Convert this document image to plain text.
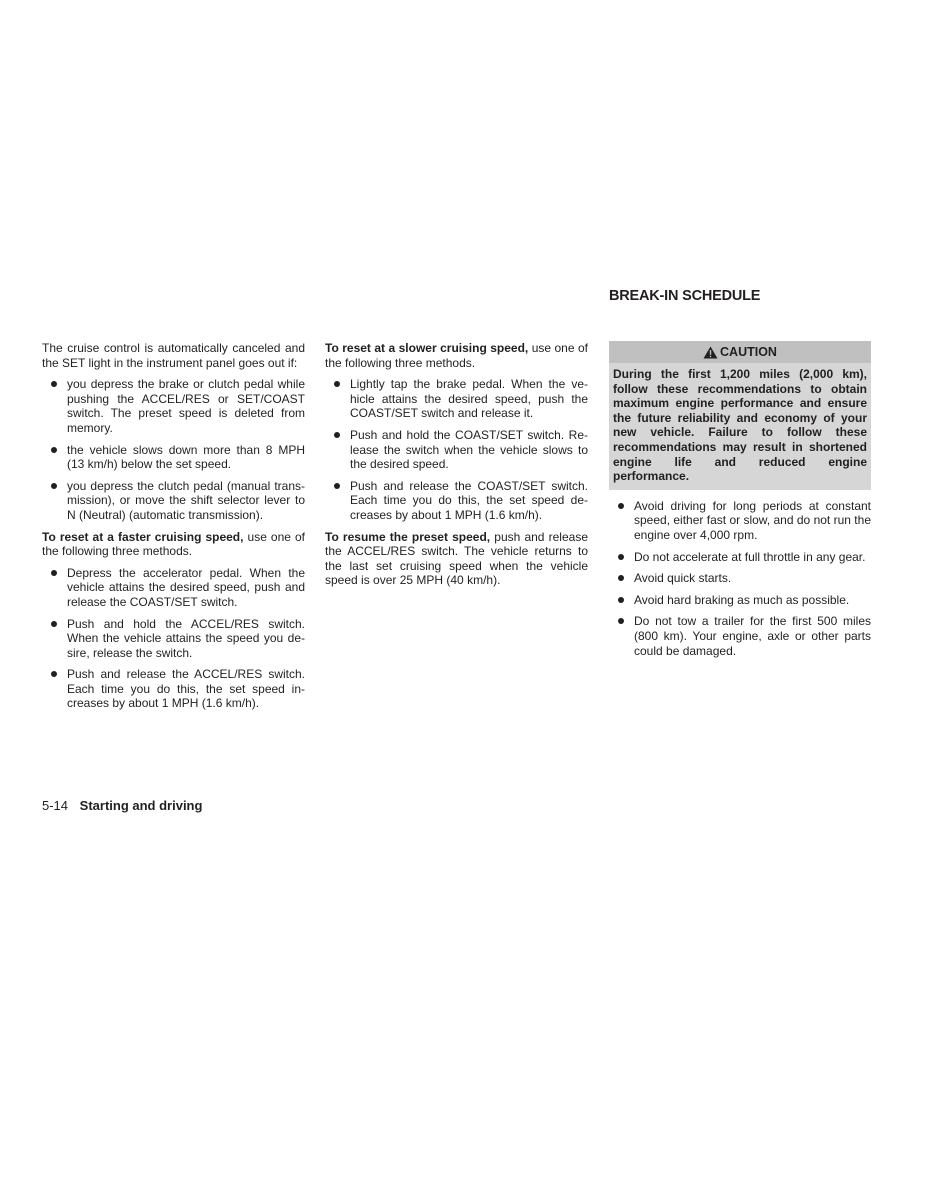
The cruise control is automatically canceled and the SET light in the instrument panel goes out if:

you depress the brake or clutch pedal while pushing the ACCEL/RES or SET/COAST switch. The preset speed is deleted from memory.
the vehicle slows down more than 8 MPH (13 km/h) below the set speed.
you depress the clutch pedal (manual transmission), or move the shift selector lever to N (Neutral) (automatic transmission).

To reset at a faster cruising speed, use one of the following three methods.

Depress the accelerator pedal. When the vehicle attains the desired speed, push and release the COAST/SET switch.
Push and hold the ACCEL/RES switch. When the vehicle attains the speed you desire, release the switch.
Push and release the ACCEL/RES switch. Each time you do this, the set speed increases by about 1 MPH (1.6 km/h).

To reset at a slower cruising speed, use one of the following three methods.

Lightly tap the brake pedal. When the vehicle attains the desired speed, push the COAST/SET switch and release it.
Push and hold the COAST/SET switch. Release the switch when the vehicle slows to the desired speed.
Push and release the COAST/SET switch. Each time you do this, the set speed decreases by about 1 MPH (1.6 km/h).

To resume the preset speed, push and release the ACCEL/RES switch. The vehicle returns to the last set cruising speed when the vehicle speed is over 25 MPH (40 km/h).

BREAK-IN SCHEDULE
CAUTION
During the first 1,200 miles (2,000 km), follow these recommendations to obtain maximum engine performance and ensure the future reliability and economy of your new vehicle. Failure to follow these recommendations may result in shortened engine life and reduced engine performance.
Avoid driving for long periods at constant speed, either fast or slow, and do not run the engine over 4,000 rpm.
Do not accelerate at full throttle in any gear.
Avoid quick starts.
Avoid hard braking as much as possible.
Do not tow a trailer for the first 500 miles (800 km). Your engine, axle or other parts could be damaged.
5-14 Starting and driving
